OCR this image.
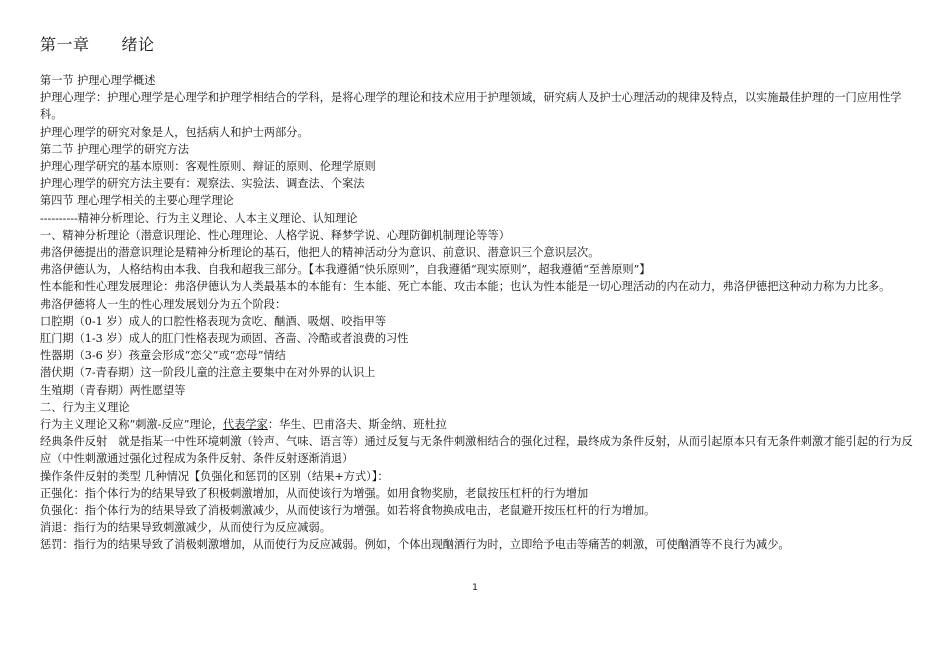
第一章 绪论

第一节 护理心理学概述

护理心理学：护理心理学是心理学和护理学相结合的学科，是将心理学的理论和技术应用于护理领域，研究病人及护士心理活动的规律及特点，以实施最佳护理的一门应用性学科。

护理心理学的研究对象是人，包括病人和护士两部分。

第二节 护理心理学的研究方法

护理心理学研究的基本原则：客观性原则、辩证的原则、伦理学原则

护理心理学的研究方法主要有：观察法、实验法、调查法、个案法

第四节 理心理学相关的主要心理学理论

----------精神分析理论、行为主义理论、人本主义理论、认知理论

一、精神分析理论（潜意识理论、性心理理论、人格学说、释梦学说、心理防御机制理论等等）

弗洛伊德提出的潜意识理论是精神分析理论的基石，他把人的精神活动分为意识、前意识、潜意识三个意识层次。

弗洛伊德认为，人格结构由本我、自我和超我三部分。【本我遵循“快乐原则”，自我遵循“现实原则”，超我遵循“至善原则”】

性本能和性心理发展理论：弗洛伊德认为人类最基本的本能有：生本能、死亡本能、攻击本能；也认为性本能是一切心理活动的内在动力，弗洛伊德把这种动力称为力比多。

弗洛伊德将人一生的性心理发展划分为五个阶段：

口腔期（0-1 岁）成人的口腔性格表现为贪吃、酗酒、吸烟、咬指甲等

肛门期（1-3 岁）成人的肛门性格表现为顽固、吝啬、冷酷或者浪费的习性

性器期（3-6 岁）孩童会形成“恋父”或“恋母”情结

潜伏期（7-青春期）这一阶段儿童的注意主要集中在对外界的认识上

生殖期（青春期）两性愿望等

二、行为主义理论

行为主义理论又称“刺激-反应”理论，代表学家：华生、巴甫洛夫、斯金纳、班杜拉

经典条件反射　就是指某一中性环境刺激（铃声、气味、语言等）通过反复与无条件刺激相结合的强化过程，最终成为条件反射，从而引起原本只有无条件刺激才能引起的行为反应（中性刺激通过强化过程成为条件反射、条件反射逐渐消退）

操作条件反射的类型 几种情况【负强化和惩罚的区别（结果+方式）】：

正强化：指个体行为的结果导致了积极刺激增加，从而使该行为增强。如用食物奖励，老鼠按压杠杆的行为增加

负强化：指个体行为的结果导致了消极刺激减少，从而使该行为增强。如若将食物换成电击，老鼠避开按压杠杆的行为增加。

消退：指行为的结果导致刺激减少，从而使行为反应减弱。

惩罚：指行为的结果导致了消极刺激增加，从而使行为反应减弱。例如，个体出现酗酒行为时，立即给予电击等痛苦的刺激，可使酗酒等不良行为减少。

1
